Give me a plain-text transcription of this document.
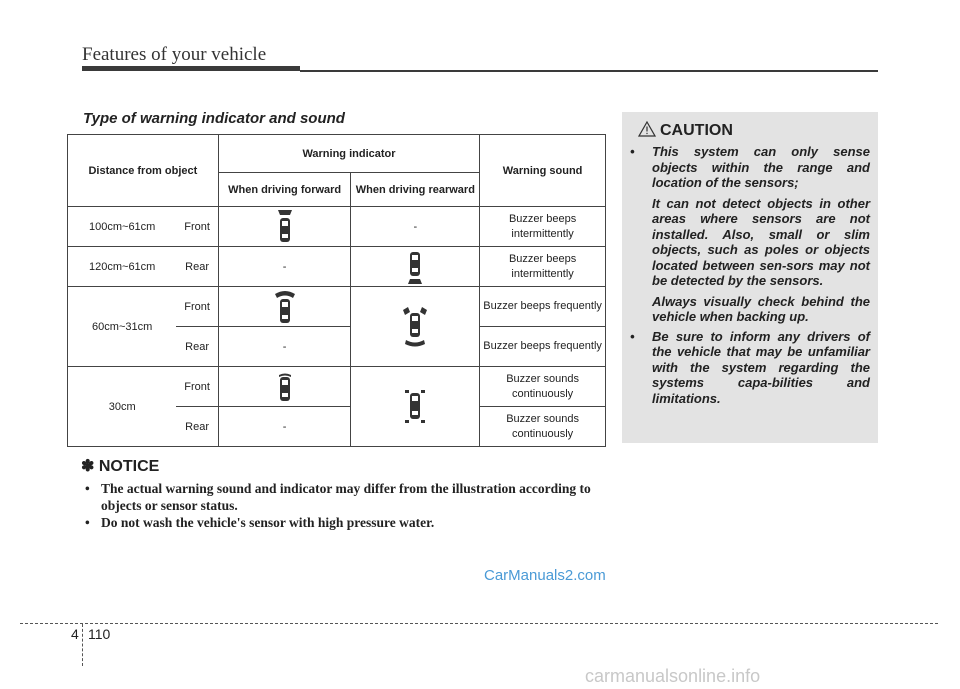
Features of your vehicle
Type of warning indicator and sound
Distance from object		Warning indicator		Warning sound
		When driving forward	When driving rearward	
100cm~61cm	Front		-	Buzzer beeps intermittently
120cm~61cm	Rear	-		Buzzer beeps intermittently
60cm~31cm	Front			Buzzer beeps frequently
	Rear	-		Buzzer beeps frequently
30cm	Front			Buzzer sounds continuously
	Rear	-		Buzzer sounds continuously
✽ NOTICE
• The actual warning sound and indicator may differ from the illustration according to objects or sensor status.
• Do not wash the vehicle's sensor with high pressure water.
CAUTION
• This system can only sense objects within the range and location of the sensors;

It can not detect objects in other areas where sensors are not installed. Also, small or slim objects, such as poles or objects located between sen-sors may not be detected by the sensors.

Always visually check behind the vehicle when backing up.

• Be sure to inform any drivers of the vehicle that may be unfamiliar with the system regarding the systems capa-bilities and limitations.
CarManuals2.com
4 110
carmanualsonline.info
